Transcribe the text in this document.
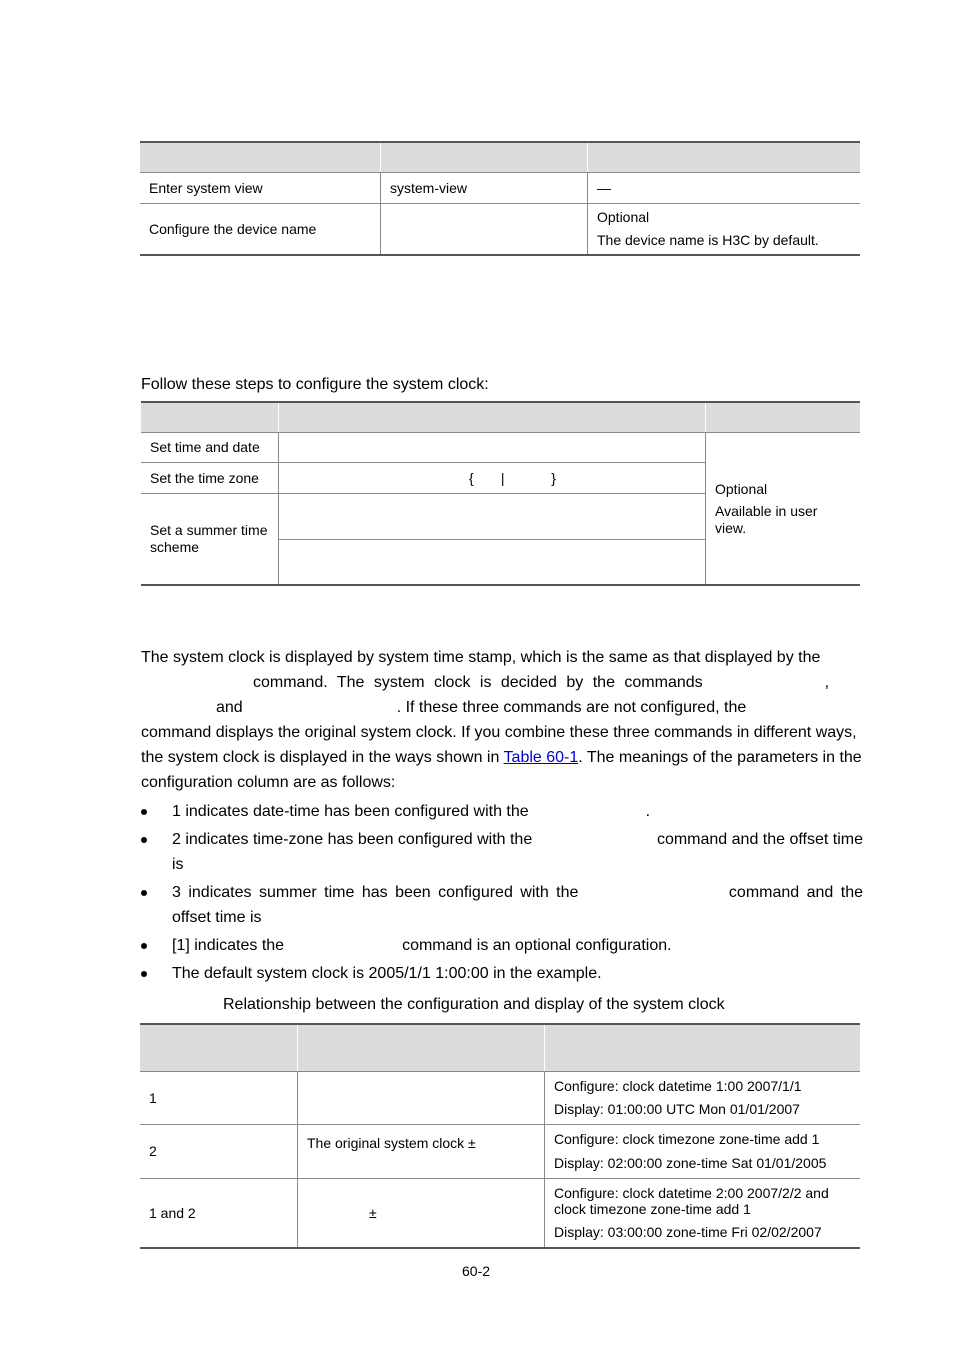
Enter system view	system-view	—
Configure the device name		Optional
The device name is H3C by default.
Follow these steps to configure the system clock:

Set time and date		Optional
Available in user view.

Set the time zone	{       |            }	
Set a summer time scheme		

The system clock is displayed by system time stamp, which is the same as that displayed by the
command. The system clock is decided by the commands	,
and	. If these three commands are not configured, the
command displays the original system clock. If you combine these three commands in different ways,
the system clock is displayed in the ways shown in Table 60-1. The meanings of the parameters in the
configuration column are as follows:
1 indicates date-time has been configured with the	.
2 indicates time-zone has been configured with the	command and the offset time
is
3 indicates summer time has been configured with the	command and the
offset time is
[1] indicates the	command is an optional configuration.
The default system clock is 2005/1/1 1:00:00 in the example.
Relationship between the configuration and display of the system clock

1		Configure: clock datetime 1:00 2007/1/1
Display: 01:00:00 UTC Mon 01/01/2007

2	The original system clock ±	Configure: clock timezone zone-time add 1
Display: 02:00:00 zone-time Sat 01/01/2005

1 and 2	±	Configure: clock datetime 2:00 2007/2/2 and clock timezone zone-time add 1
Display: 03:00:00 zone-time Fri 02/02/2007
60-2
